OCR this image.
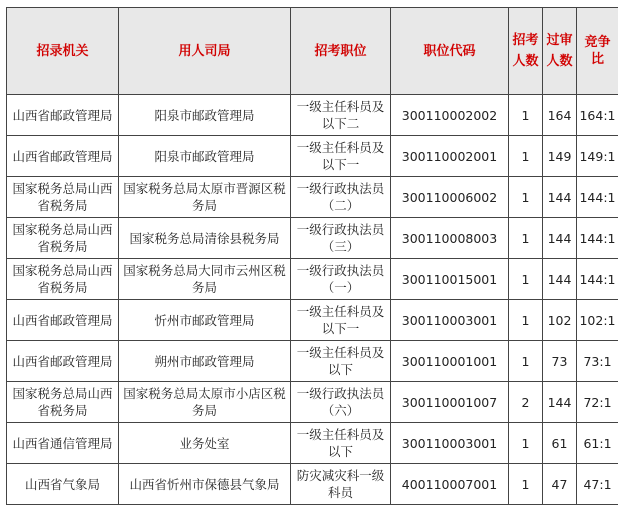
招录机关	用人司局	招考职位	职位代码	招考人数	过审人数	竞争比
山西省邮政管理局	阳泉市邮政管理局	一级主任科员及以下二	300110002002	1	164	164:1
山西省邮政管理局	阳泉市邮政管理局	一级主任科员及以下一	300110002001	1	149	149:1
国家税务总局山西省税务局	国家税务总局太原市晋源区税务局	一级行政执法员（二）	300110006002	1	144	144:1
国家税务总局山西省税务局	国家税务总局清徐县税务局	一级行政执法员（三）	300110008003	1	144	144:1
国家税务总局山西省税务局	国家税务总局大同市云州区税务局	一级行政执法员（一）	300110015001	1	144	144:1
山西省邮政管理局	忻州市邮政管理局	一级主任科员及以下一	300110003001	1	102	102:1
山西省邮政管理局	朔州市邮政管理局	一级主任科员及以下	300110001001	1	73	73:1
国家税务总局山西省税务局	国家税务总局太原市小店区税务局	一级行政执法员（六）	300110001007	2	144	72:1
山西省通信管理局	业务处室	一级主任科员及以下	300110003001	1	61	61:1
山西省气象局	山西省忻州市保德县气象局	防灾减灾科一级科员	400110007001	1	47	47:1
